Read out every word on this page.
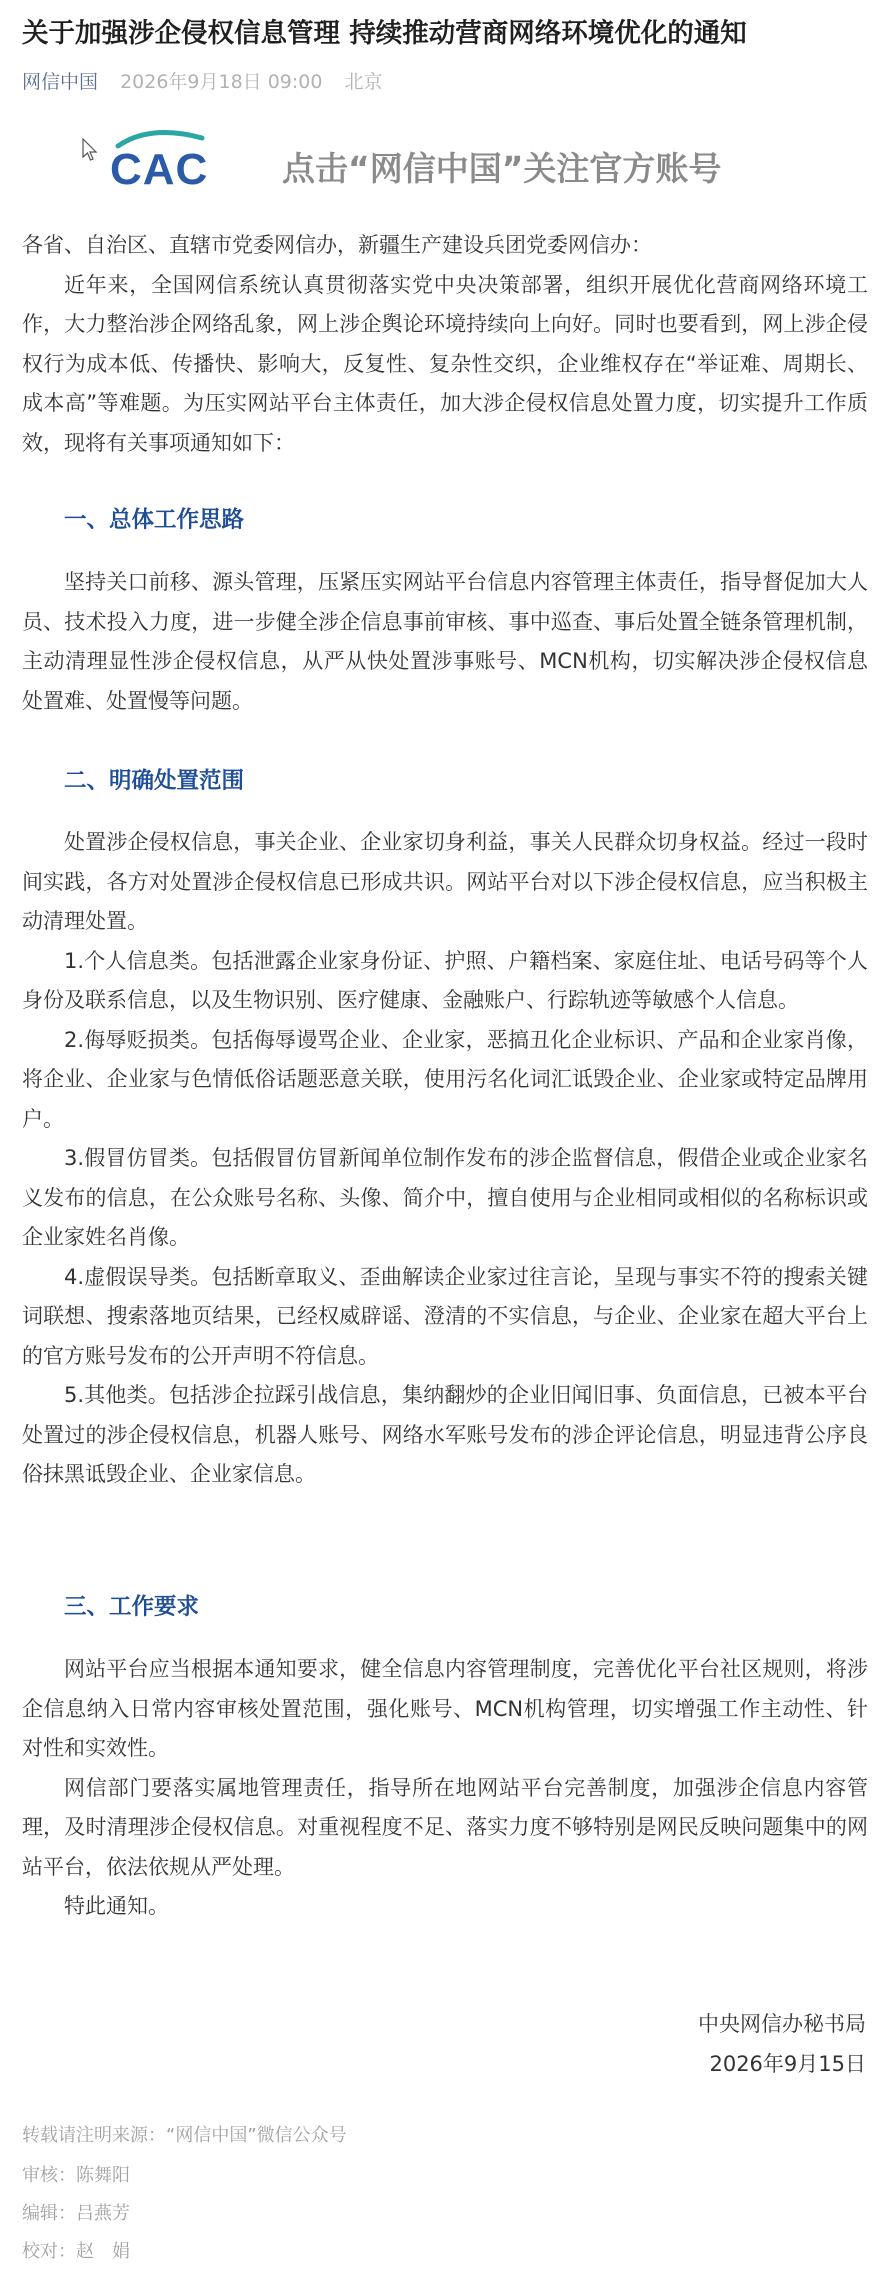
关于加强涉企侵权信息管理 持续推动营商网络环境优化的通知
网信中国 2026年9月18日 09:00 北京
CAC 点击“网信中国”关注官方账号

各省、自治区、直辖市党委网信办，新疆生产建设兵团党委网信办：

近年来，全国网信系统认真贯彻落实党中央决策部署，组织开展优化营商网络环境工作，大力整治涉企网络乱象，网上涉企舆论环境持续向上向好。同时也要看到，网上涉企侵权行为成本低、传播快、影响大，反复性、复杂性交织，企业维权存在“举证难、周期长、成本高”等难题。为压实网站平台主体责任，加大涉企侵权信息处置力度，切实提升工作质效，现将有关事项通知如下：

一、总体工作思路

坚持关口前移、源头管理，压紧压实网站平台信息内容管理主体责任，指导督促加大人员、技术投入力度，进一步健全涉企信息事前审核、事中巡查、事后处置全链条管理机制，主动清理显性涉企侵权信息，从严从快处置涉事账号、MCN机构，切实解决涉企侵权信息处置难、处置慢等问题。

二、明确处置范围

处置涉企侵权信息，事关企业、企业家切身利益，事关人民群众切身权益。经过一段时间实践，各方对处置涉企侵权信息已形成共识。网站平台对以下涉企侵权信息，应当积极主动清理处置。

1.个人信息类。包括泄露企业家身份证、护照、户籍档案、家庭住址、电话号码等个人身份及联系信息，以及生物识别、医疗健康、金融账户、行踪轨迹等敏感个人信息。

2.侮辱贬损类。包括侮辱谩骂企业、企业家，恶搞丑化企业标识、产品和企业家肖像，将企业、企业家与色情低俗话题恶意关联，使用污名化词汇诋毁企业、企业家或特定品牌用户。

3.假冒仿冒类。包括假冒仿冒新闻单位制作发布的涉企监督信息，假借企业或企业家名义发布的信息，在公众账号名称、头像、简介中，擅自使用与企业相同或相似的名称标识或企业家姓名肖像。

4.虚假误导类。包括断章取义、歪曲解读企业家过往言论，呈现与事实不符的搜索关键词联想、搜索落地页结果，已经权威辟谣、澄清的不实信息，与企业、企业家在超大平台上的官方账号发布的公开声明不符信息。

5.其他类。包括涉企拉踩引战信息，集纳翻炒的企业旧闻旧事、负面信息，已被本平台处置过的涉企侵权信息，机器人账号、网络水军账号发布的涉企评论信息，明显违背公序良俗抹黑诋毁企业、企业家信息。

三、工作要求

网站平台应当根据本通知要求，健全信息内容管理制度，完善优化平台社区规则，将涉企信息纳入日常内容审核处置范围，强化账号、MCN机构管理，切实增强工作主动性、针对性和实效性。

网信部门要落实属地管理责任，指导所在地网站平台完善制度，加强涉企信息内容管理，及时清理涉企侵权信息。对重视程度不足、落实力度不够特别是网民反映问题集中的网站平台，依法依规从严处理。

特此通知。

中央网信办秘书局
2026年9月15日
转载请注明来源：“网信中国”微信公众号
审核：陈舞阳
编辑：吕燕芳
校对：赵　娟
